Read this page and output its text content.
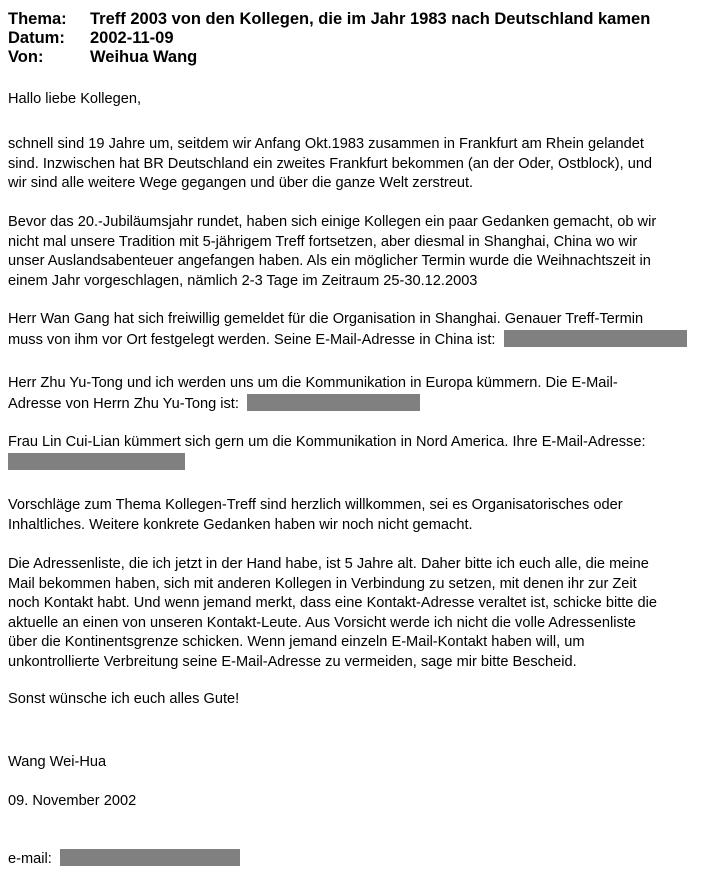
Thema:	Treff 2003 von den Kollegen, die im Jahr 1983 nach Deutschland kamen
Datum:	2002-11-09
Von:	Weihua Wang
Hallo liebe Kollegen,
schnell sind 19 Jahre um, seitdem wir Anfang Okt.1983 zusammen in Frankfurt am Rhein gelandet
sind. Inzwischen hat BR Deutschland ein zweites Frankfurt bekommen (an der Oder, Ostblock), und
wir sind alle weitere Wege gegangen und über die ganze Welt zerstreut.
Bevor das 20.-Jubiläumsjahr rundet, haben sich einige Kollegen ein paar Gedanken gemacht, ob wir
nicht mal unsere Tradition mit 5-jährigem Treff fortsetzen, aber diesmal in Shanghai, China wo wir
unser Auslandsabenteuer angefangen haben. Als ein möglicher Termin wurde die Weihnachtszeit in
einem Jahr vorgeschlagen, nämlich 2-3 Tage im Zeitraum 25-30.12.2003
Herr Wan Gang hat sich freiwillig gemeldet für die Organisation in Shanghai. Genauer Treff-Termin
muss von ihm vor Ort festgelegt werden. Seine E-Mail-Adresse in China ist:
Herr Zhu Yu-Tong und ich werden uns um die Kommunikation in Europa kümmern. Die E-Mail-
Adresse von Herrn Zhu Yu-Tong ist:
Frau Lin Cui-Lian kümmert sich gern um die Kommunikation in Nord America. Ihre E-Mail-Adresse:
Vorschläge zum Thema Kollegen-Treff sind herzlich willkommen, sei es Organisatorisches oder
Inhaltliches. Weitere konkrete Gedanken haben wir noch nicht gemacht.
Die Adressenliste, die ich jetzt in der Hand habe, ist 5 Jahre alt. Daher bitte ich euch alle, die meine
Mail bekommen haben, sich mit anderen Kollegen in Verbindung zu setzen, mit denen ihr zur Zeit
noch Kontakt habt. Und wenn jemand merkt, dass eine Kontakt-Adresse veraltet ist, schicke bitte die
aktuelle an einen von unseren Kontakt-Leute. Aus Vorsicht werde ich nicht die volle Adressenliste
über die Kontinentsgrenze schicken. Wenn jemand einzeln E-Mail-Kontakt haben will, um
unkontrollierte Verbreitung seine E-Mail-Adresse zu vermeiden, sage mir bitte Bescheid.
Sonst wünsche ich euch alles Gute!
Wang Wei-Hua
09. November 2002
e-mail:
